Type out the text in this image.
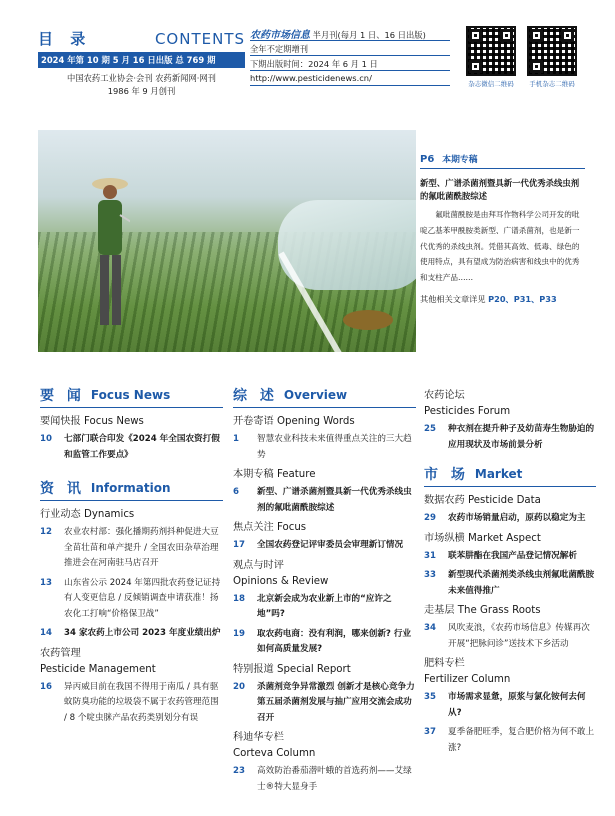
目 录	CONTENTS
2024 年第 10 期 5 月 16 日出版 总 769 期
中国农药工业协会·会刊 农药新闻网·网刊
1986 年 9 月创刊
农药市场信息 半月刊(每月 1 日、16 日出版)
全年不定期增刊
下期出版时间：2024 年 6 月 1 日
http://www.pesticidenews.cn/
杂志微信二维码	手机杂志二维码
P6 本期专稿
新型、广谱杀菌剂暨具新一代优秀杀线虫剂的氟吡菌酰胺综述
氟吡菌酰胺是由拜耳作物科学公司开发的吡啶乙基苯甲酰胺类新型、广谱杀菌剂，也是新一代优秀的杀线虫剂。凭借其高效、低毒、绿色的使用特点，具有望成为防治病害和线虫中的优秀和支柱产品……
其他相关文章详见 P20、P31、P33
要 闻 Focus News
要闻快报 Focus News
10	七部门联合印发《2024 年全国农资打假和监管工作要点》
资 讯 Information
行业动态 Dynamics
12	农业农村部：强化播期药剂抖种促进大豆全苗壮苗和单产提升 / 全国农田杂草治理推进会在河南驻马店召开
13	山东省公示 2024 年第四批农药登记证持有人变更信息 / 反倾销调查申请获准！扬农化工打响“价格保卫战”
14	34 家农药上市公司 2023 年度业绩出炉
农药管理
Pesticide Management
16	异丙威目前在我国不得用于南瓜 / 具有驱蚊防臭功能的垃圾袋不属于农药管理范围 / 8 个啶虫脒产品农药类别划分有误
综 述 Overview
开卷寄语 Opening Words
1	智慧农业科技未来值得重点关注的三大趋势
本期专稿 Feature
6	新型、广谱杀菌剂暨具新一代优秀杀线虫剂的氟吡菌酰胺综述
焦点关注 Focus
17	全国农药登记评审委员会审理新订情况
观点与时评
Opinions & Review
18	北京新会成为农业新上市的“应许之地”吗?
19	取农药电商：没有利润，哪来创新? 行业如何高质量发展?
特别报道 Special Report
20	杀菌剂竞争异常激烈 创新才是核心竞争力 第五届杀菌剂发展与抽广应用交流会成功召开
科迪华专栏
Corteva Column
23	高效防治番茄潜叶蛾的首选药剂——艾绿士®特大显身手
农药论坛
Pesticides Forum
25	种衣剂在提升种子及幼苗寿生物胁迫的应用现状及市场前景分析
市 场 Market
数据农药 Pesticide Data
29	农药市场销量启动，原药以稳定为主
市场纵横 Market Aspect
31	联苯肼酯在我国产品登记情况解析
33	新型现代杀菌剂类杀线虫剂氟吡菌酰胺未来值得推广
走基层 The Grass Roots
34	风吹麦浪，《农药市场信息》传媒再次开展“把脉问诊”送技术下乡活动
肥料专栏
Fertilizer Column
35	市场需求显惫，原浆与氯化铵何去何从?
37	夏季备肥旺季，复合肥价格为何不敢上涨?
